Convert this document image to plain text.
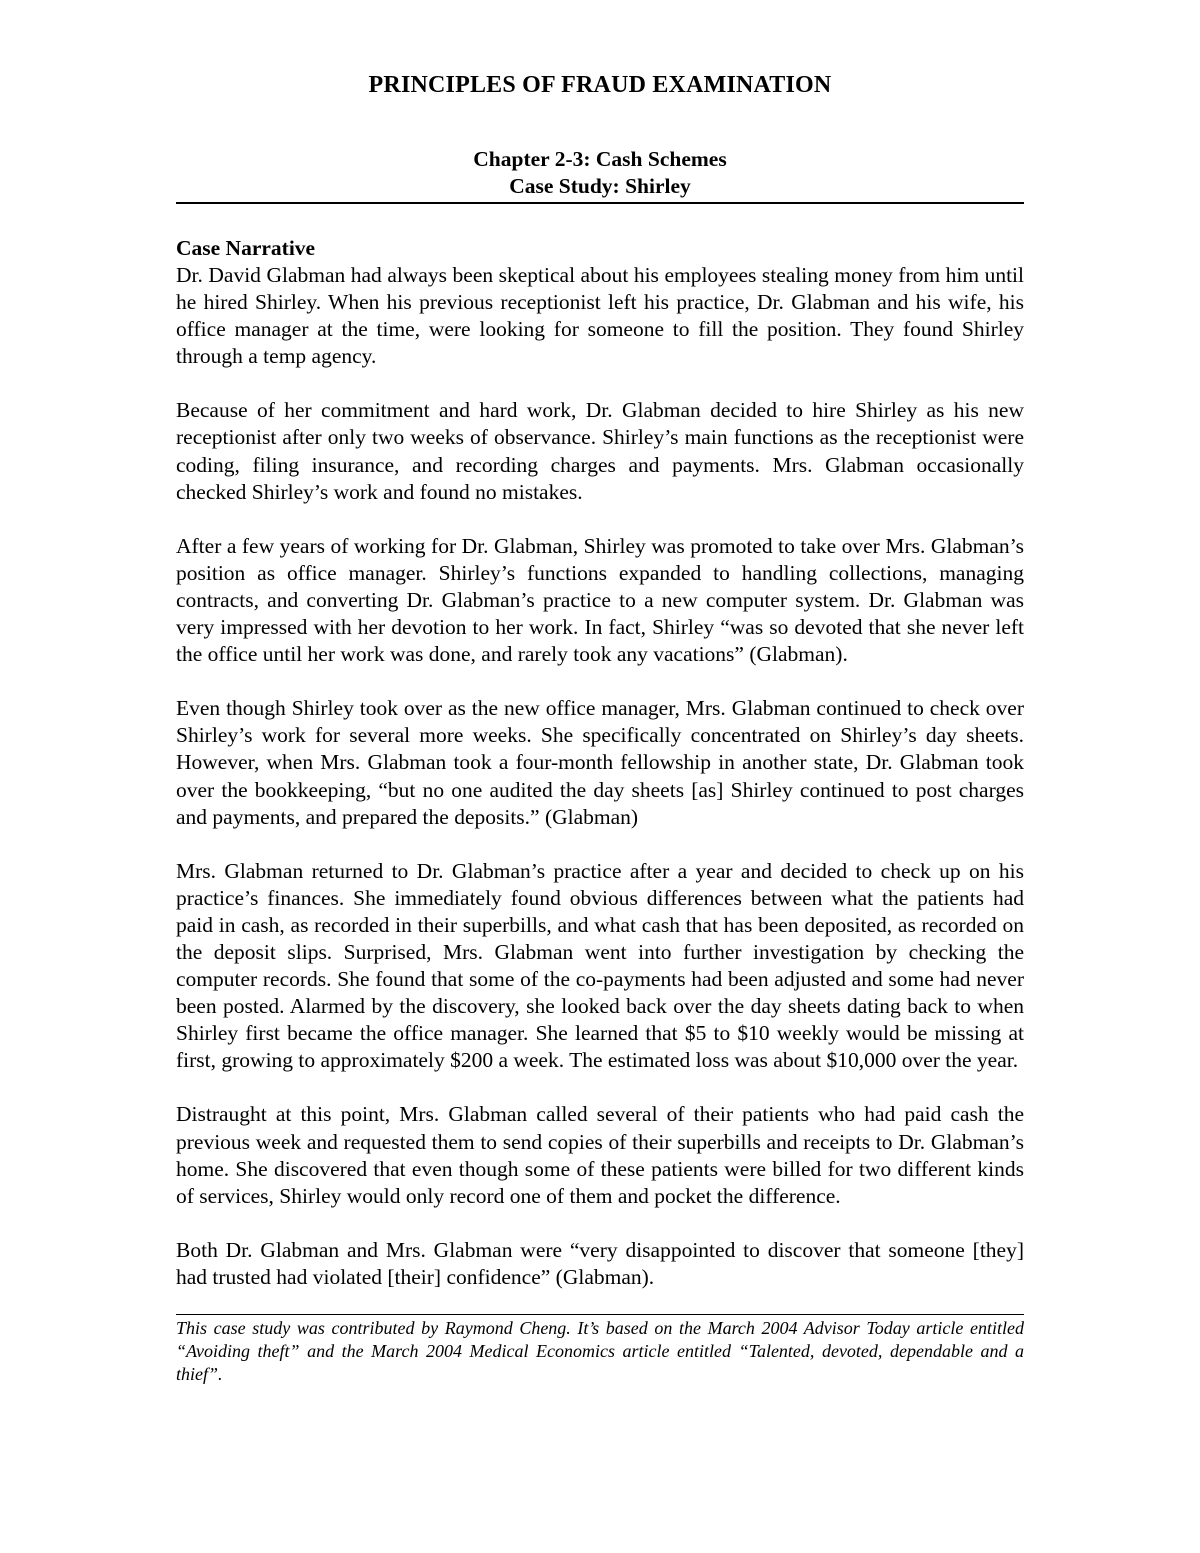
PRINCIPLES OF FRAUD EXAMINATION
Chapter 2-3: Cash Schemes
Case Study: Shirley
Case Narrative

Dr. David Glabman had always been skeptical about his employees stealing money from him until he hired Shirley. When his previous receptionist left his practice, Dr. Glabman and his wife, his office manager at the time, were looking for someone to fill the position. They found Shirley through a temp agency.

Because of her commitment and hard work, Dr. Glabman decided to hire Shirley as his new receptionist after only two weeks of observance. Shirley’s main functions as the receptionist were coding, filing insurance, and recording charges and payments. Mrs. Glabman occasionally checked Shirley’s work and found no mistakes.

After a few years of working for Dr. Glabman, Shirley was promoted to take over Mrs. Glabman’s position as office manager. Shirley’s functions expanded to handling collections, managing contracts, and converting Dr. Glabman’s practice to a new computer system. Dr. Glabman was very impressed with her devotion to her work. In fact, Shirley “was so devoted that she never left the office until her work was done, and rarely took any vacations” (Glabman).

Even though Shirley took over as the new office manager, Mrs. Glabman continued to check over Shirley’s work for several more weeks. She specifically concentrated on Shirley’s day sheets. However, when Mrs. Glabman took a four-month fellowship in another state, Dr. Glabman took over the bookkeeping, “but no one audited the day sheets [as] Shirley continued to post charges and payments, and prepared the deposits.” (Glabman)

Mrs. Glabman returned to Dr. Glabman’s practice after a year and decided to check up on his practice’s finances. She immediately found obvious differences between what the patients had paid in cash, as recorded in their superbills, and what cash that has been deposited, as recorded on the deposit slips. Surprised, Mrs. Glabman went into further investigation by checking the computer records. She found that some of the co-payments had been adjusted and some had never been posted. Alarmed by the discovery, she looked back over the day sheets dating back to when Shirley first became the office manager. She learned that $5 to $10 weekly would be missing at first, growing to approximately $200 a week. The estimated loss was about $10,000 over the year.

Distraught at this point, Mrs. Glabman called several of their patients who had paid cash the previous week and requested them to send copies of their superbills and receipts to Dr. Glabman’s home. She discovered that even though some of these patients were billed for two different kinds of services, Shirley would only record one of them and pocket the difference.

Both Dr. Glabman and Mrs. Glabman were “very disappointed to discover that someone [they] had trusted had violated [their] confidence” (Glabman).

This case study was contributed by Raymond Cheng. It’s based on the March 2004 Advisor Today article entitled “Avoiding theft” and the March 2004 Medical Economics article entitled “Talented, devoted, dependable and a thief”.
